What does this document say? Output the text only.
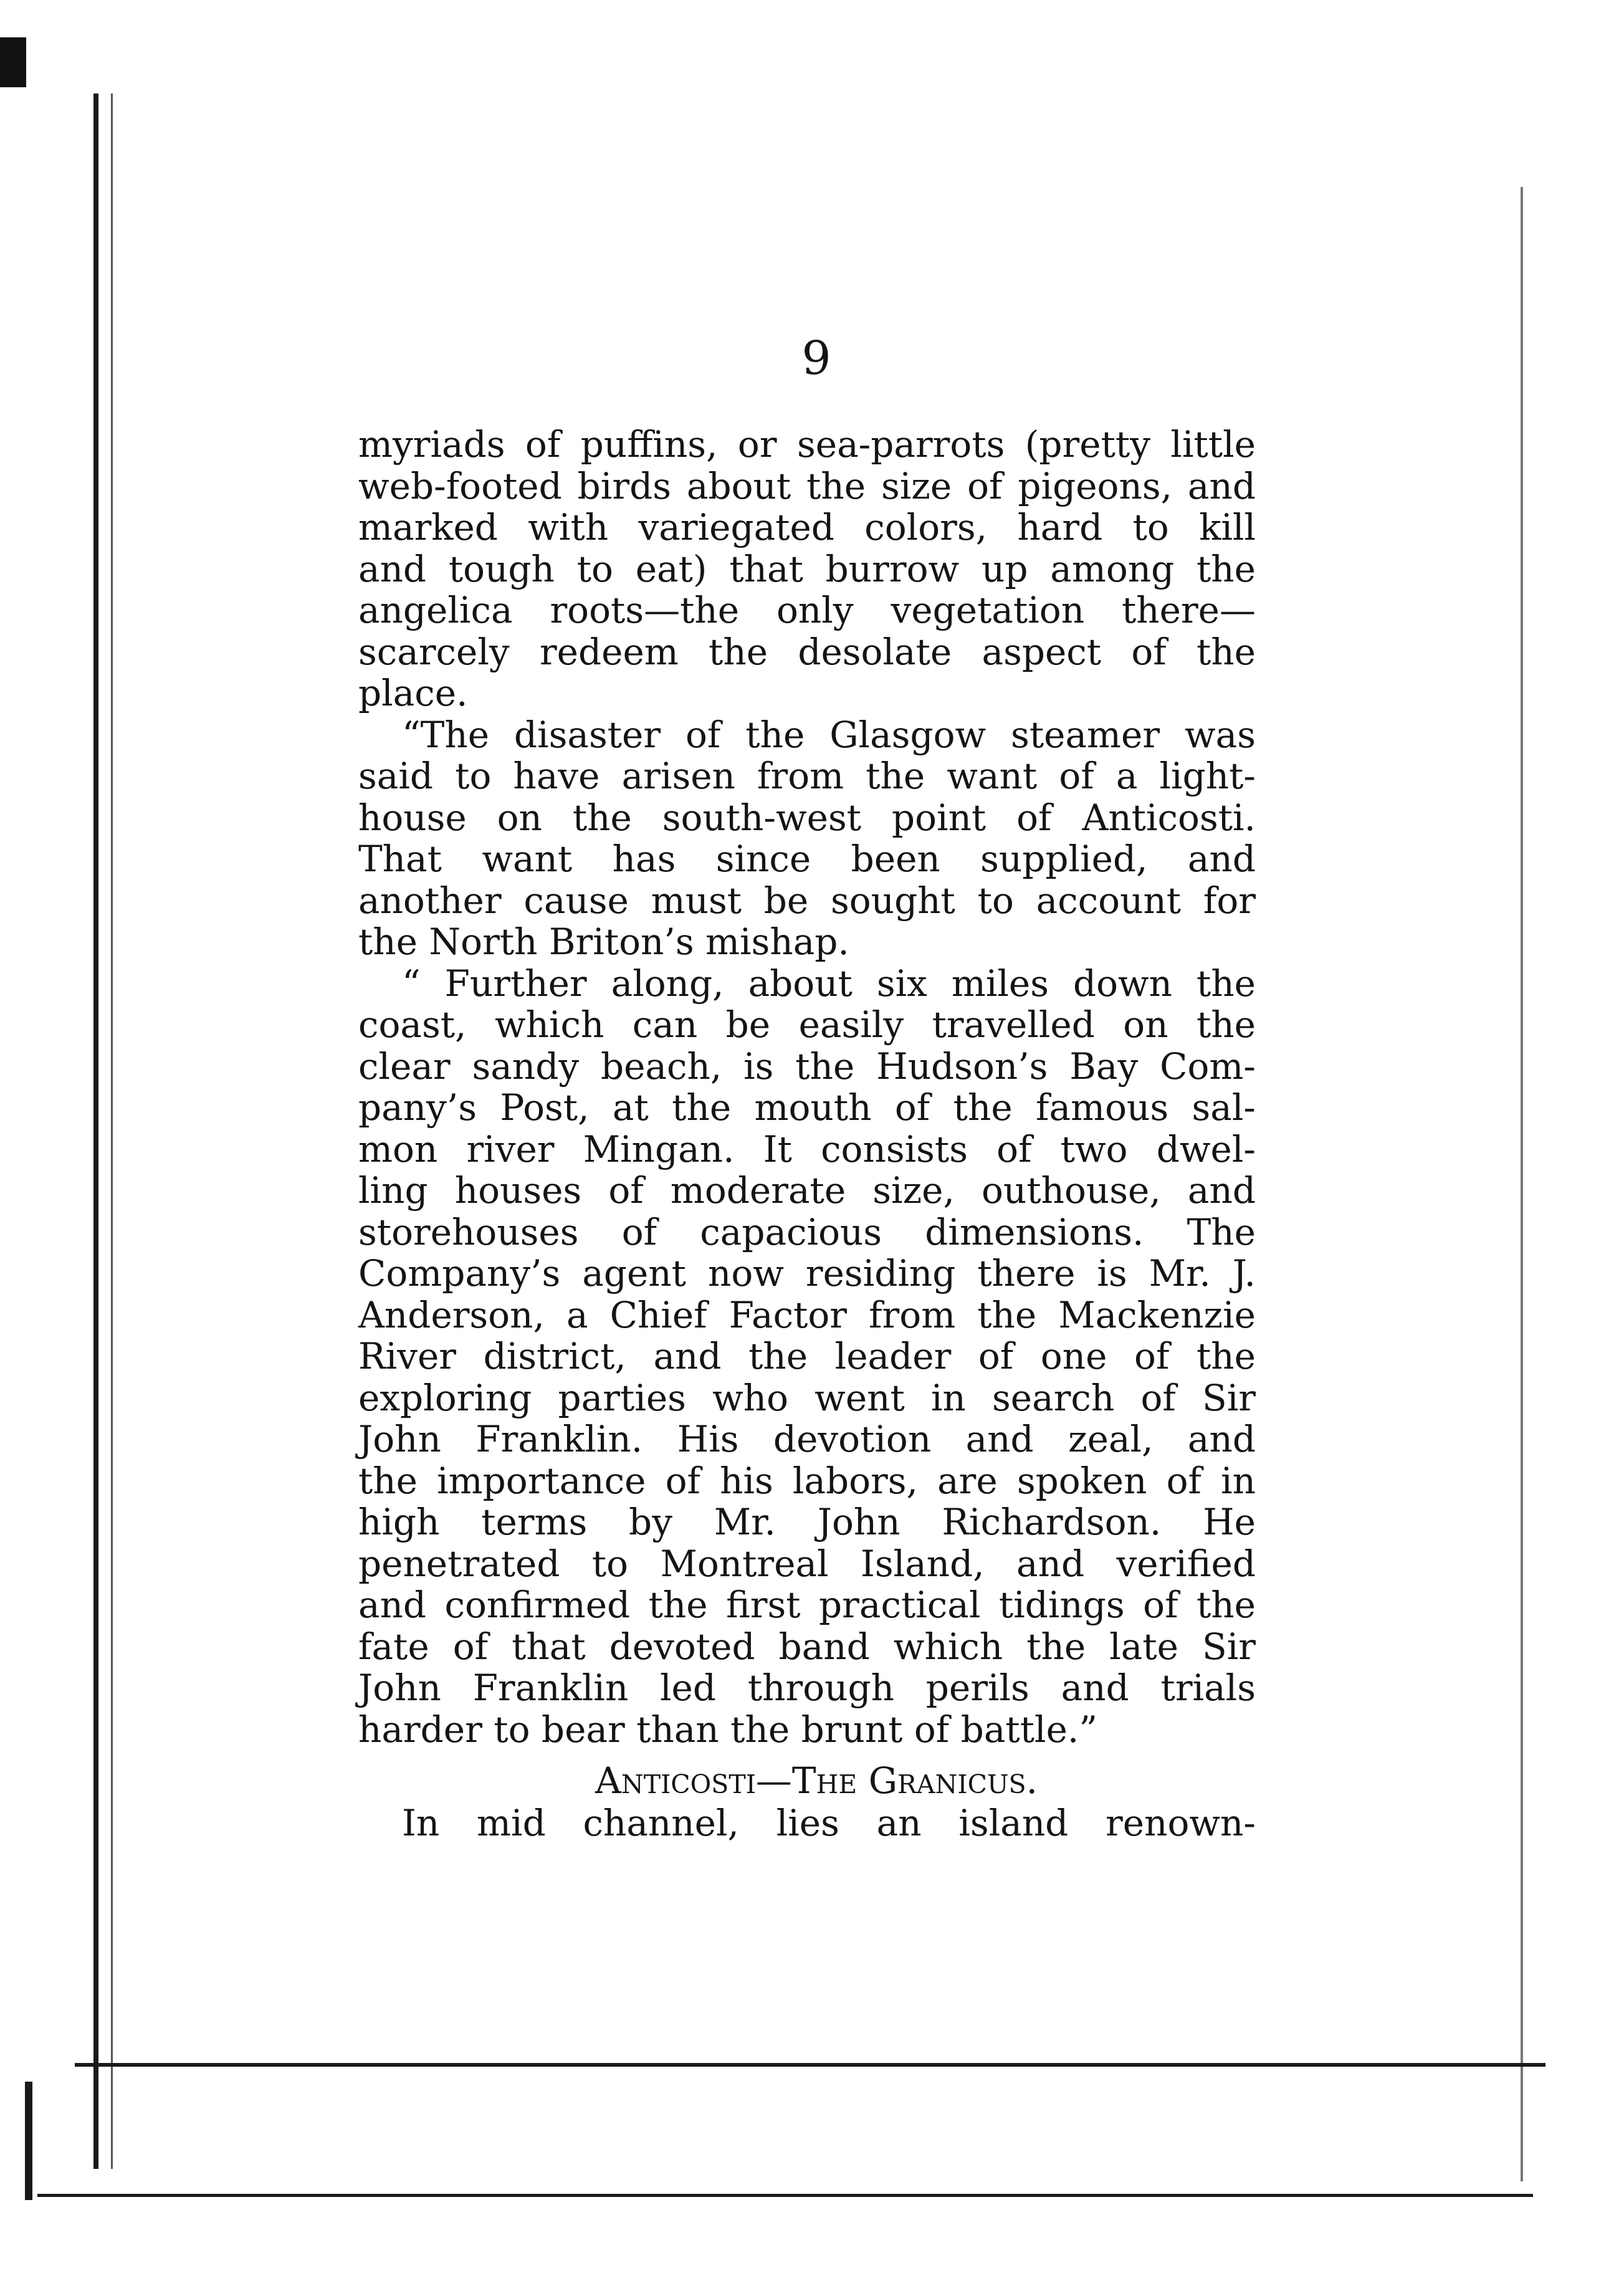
9
myriads of puffins, or sea-parrots (pretty little
web-footed birds about the size of pigeons, and
marked with variegated colors, hard to kill
and tough to eat) that burrow up among the
angelica roots—the only vegetation there—
scarcely redeem the desolate aspect of the
place.
“The disaster of the Glasgow steamer was
said to have arisen from the want of a light-
house on the south-west point of Anticosti.
That want has since been supplied, and
another cause must be sought to account for
the North Briton’s mishap.
“ Further along, about six miles down the
coast, which can be easily travelled on the
clear sandy beach, is the Hudson’s Bay Com-
pany’s Post, at the mouth of the famous sal-
mon river Mingan. It consists of two dwel-
ling houses of moderate size, outhouse, and
storehouses of capacious dimensions. The
Company’s agent now residing there is Mr. J.
Anderson, a Chief Factor from the Mackenzie
River district, and the leader of one of the
exploring parties who went in search of Sir
John Franklin. His devotion and zeal, and
the importance of his labors, are spoken of in
high terms by Mr. John Richardson. He
penetrated to Montreal Island, and verified
and confirmed the first practical tidings of the
fate of that devoted band which the late Sir
John Franklin led through perils and trials
harder to bear than the brunt of battle.”
Anticosti—The Granicus.
In mid channel, lies an island renown-
